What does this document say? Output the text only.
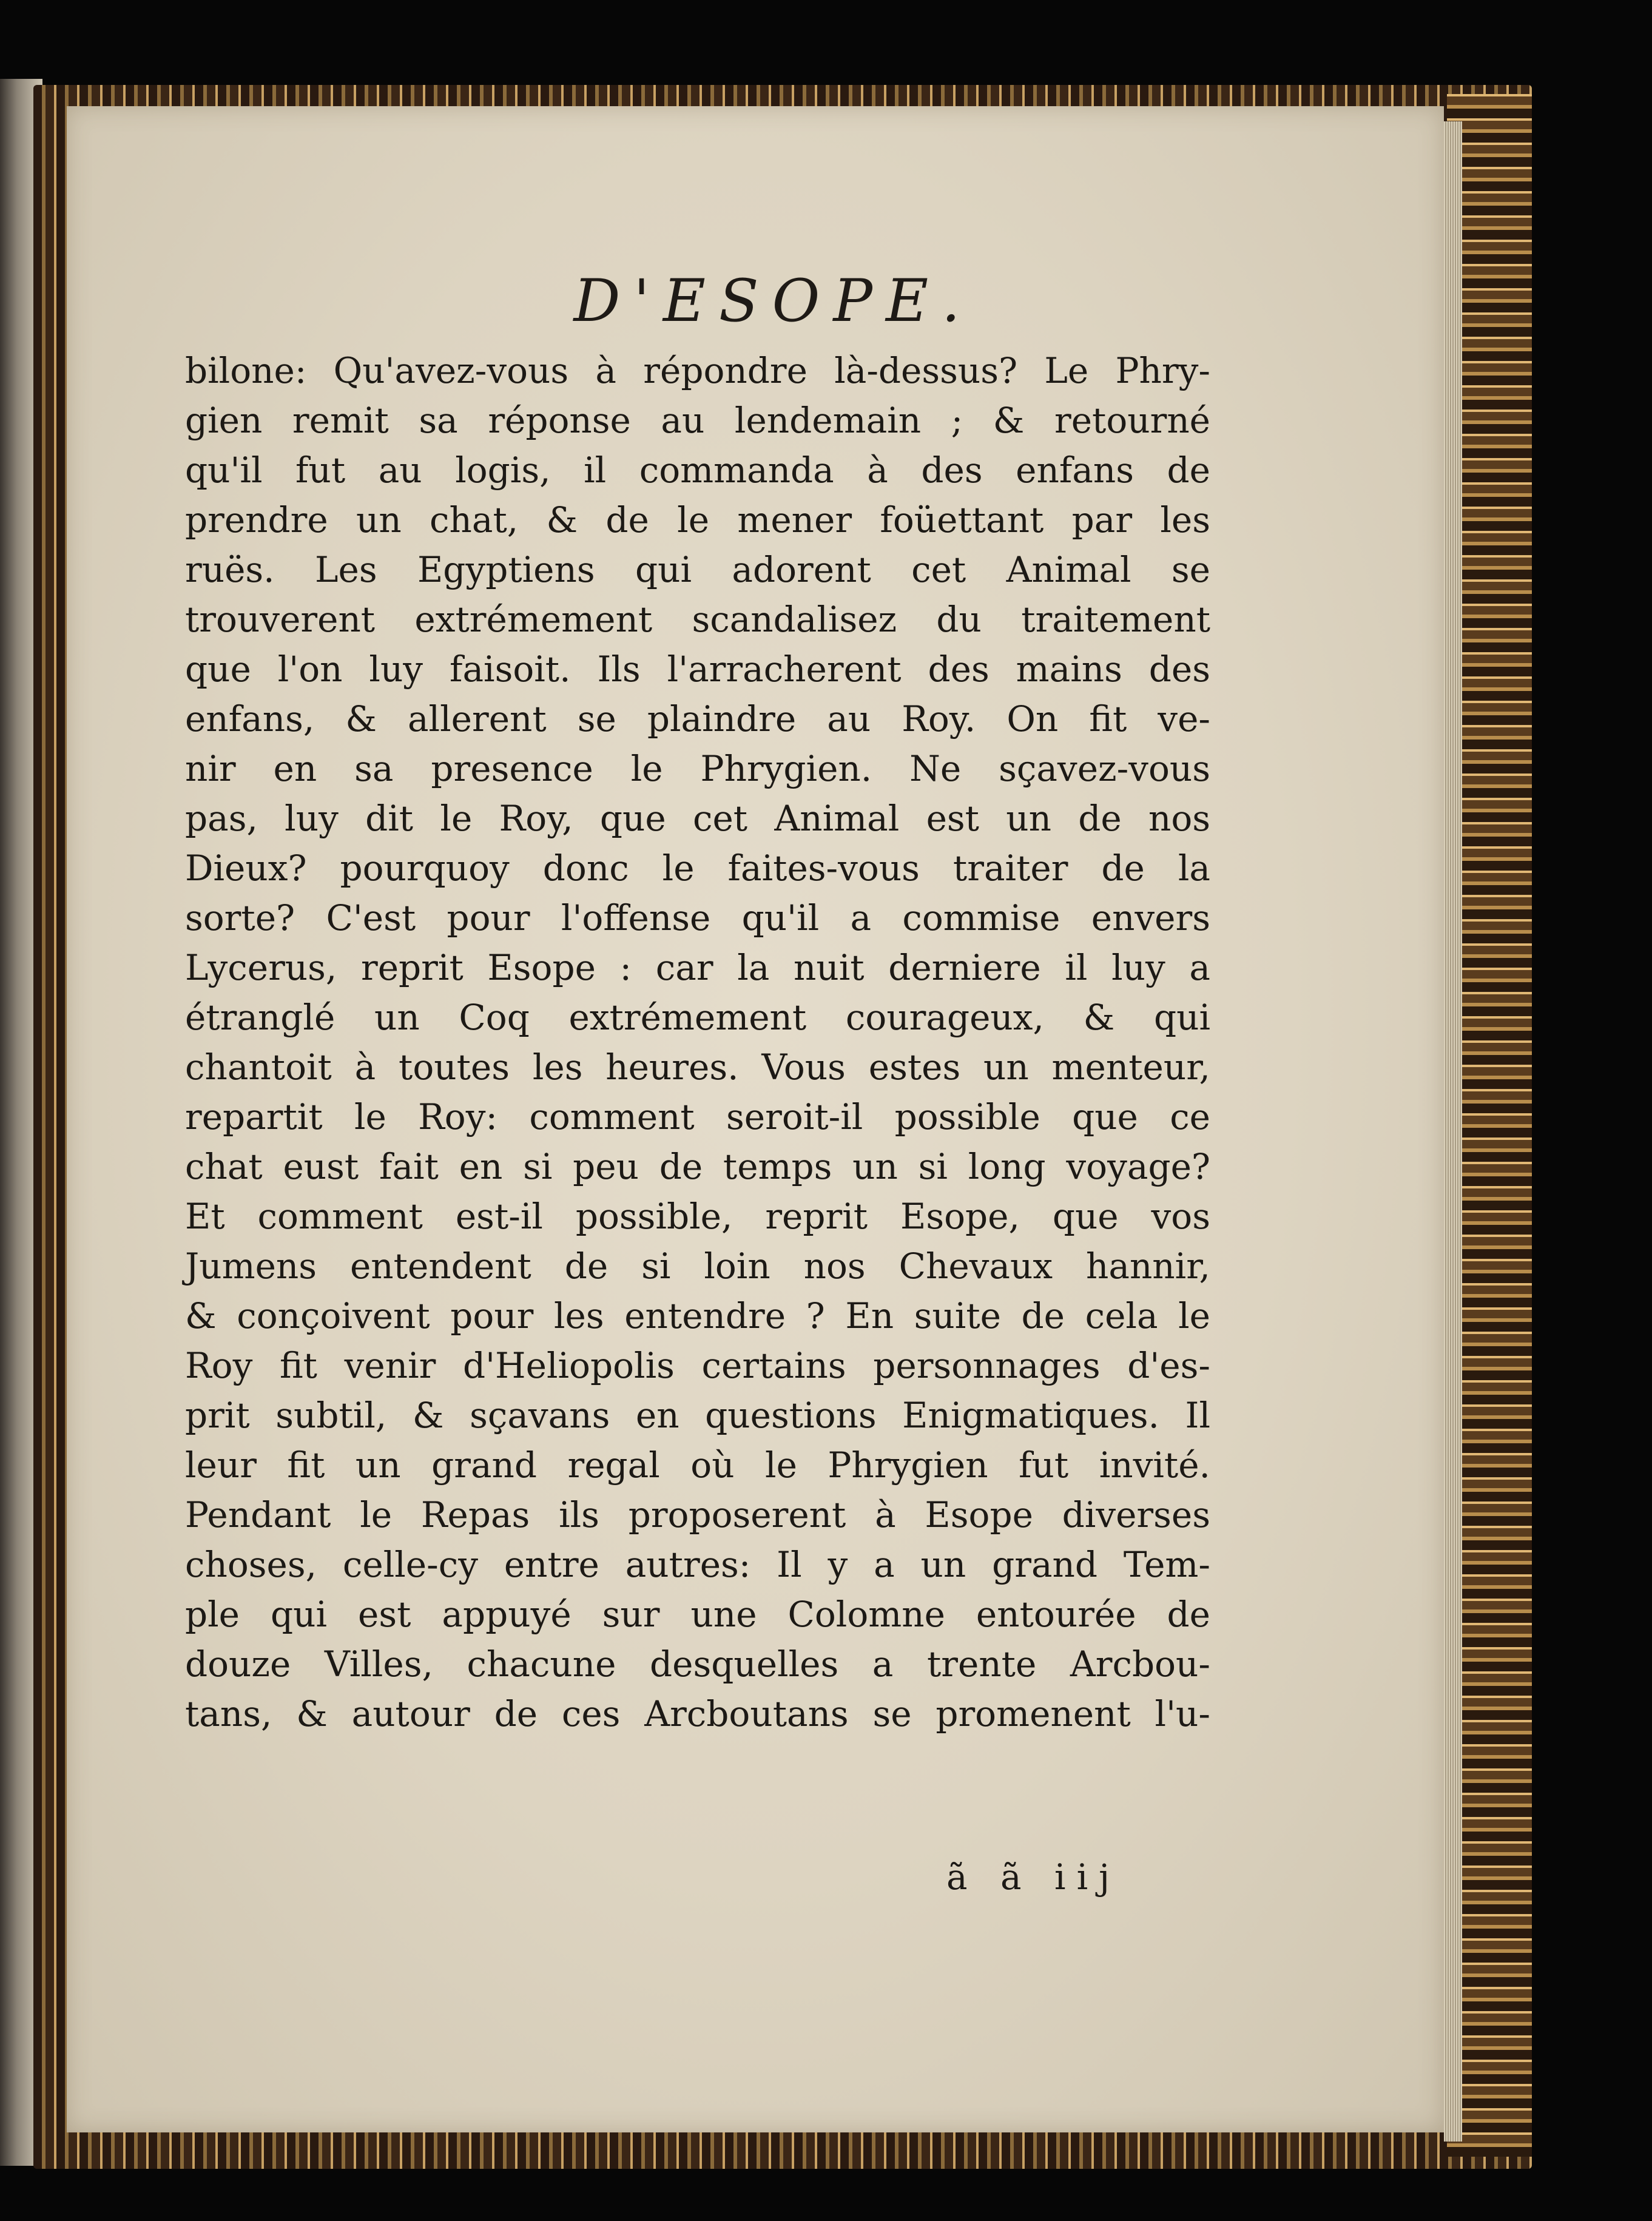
D'ESOPE.
bilone: Qu'avez-vous à répondre là-dessus? Le Phry-
gien remit sa réponse au lendemain ; & retourné
qu'il fut au logis, il commanda à des enfans de
prendre un chat, & de le mener foüettant par les
ruës. Les Egyptiens qui adorent cet Animal se
trouverent extrémement scandalisez du traitement
que l'on luy faisoit. Ils l'arracherent des mains des
enfans, & allerent se plaindre au Roy. On fit ve-
nir en sa presence le Phrygien. Ne sçavez-vous
pas, luy dit le Roy, que cet Animal est un de nos
Dieux? pourquoy donc le faites-vous traiter de la
sorte? C'est pour l'offense qu'il a commise envers
Lycerus, reprit Esope : car la nuit derniere il luy a
étranglé un Coq extrémement courageux, & qui
chantoit à toutes les heures. Vous estes un menteur,
repartit le Roy: comment seroit-il possible que ce
chat eust fait en si peu de temps un si long voyage?
Et comment est-il possible, reprit Esope, que vos
Jumens entendent de si loin nos Chevaux hannir,
& conçoivent pour les entendre ? En suite de cela le
Roy fit venir d'Heliopolis certains personnages d'es-
prit subtil, & sçavans en questions Enigmatiques. Il
leur fit un grand regal où le Phrygien fut invité.
Pendant le Repas ils proposerent à Esope diverses
choses, celle-cy entre autres: Il y a un grand Tem-
ple qui est appuyé sur une Colomne entourée de
douze Villes, chacune desquelles a trente Arcbou-
tans, & autour de ces Arcboutans se promenent l'u-
ã ã iij
